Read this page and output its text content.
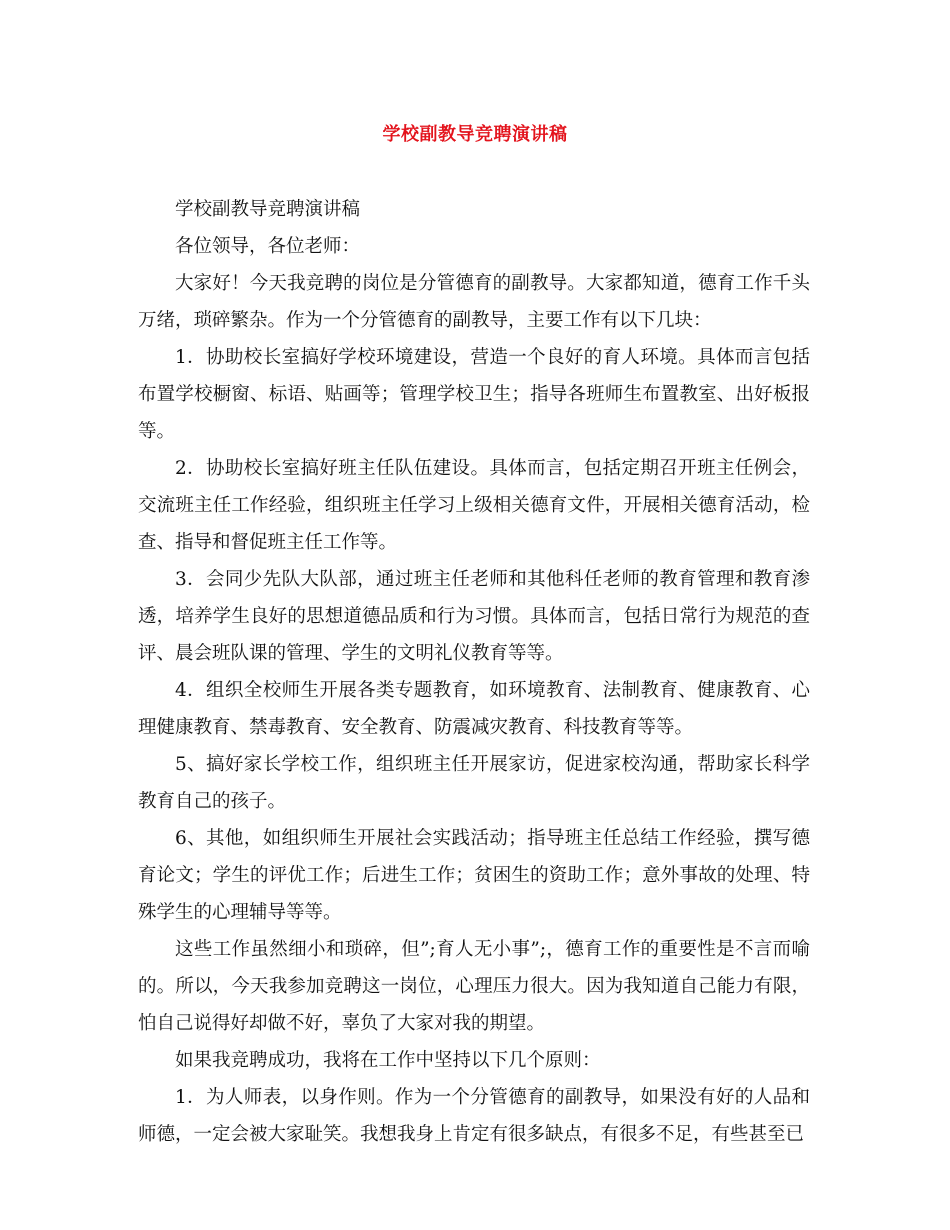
学校副教导竞聘演讲稿

学校副教导竞聘演讲稿

各位领导，各位老师：

大家好！今天我竞聘的岗位是分管德育的副教导。大家都知道，德育工作千头万绪，琐碎繁杂。作为一个分管德育的副教导，主要工作有以下几块：

1．协助校长室搞好学校环境建设，营造一个良好的育人环境。具体而言包括布置学校橱窗、标语、贴画等；管理学校卫生；指导各班师生布置教室、出好板报等。

2．协助校长室搞好班主任队伍建设。具体而言，包括定期召开班主任例会，交流班主任工作经验，组织班主任学习上级相关德育文件，开展相关德育活动，检查、指导和督促班主任工作等。

3．会同少先队大队部，通过班主任老师和其他科任老师的教育管理和教育渗透，培养学生良好的思想道德品质和行为习惯。具体而言，包括日常行为规范的查评、晨会班队课的管理、学生的文明礼仪教育等等。

4．组织全校师生开展各类专题教育，如环境教育、法制教育、健康教育、心理健康教育、禁毒教育、安全教育、防震减灾教育、科技教育等等。

5、搞好家长学校工作，组织班主任开展家访，促进家校沟通，帮助家长科学教育自己的孩子。

6、其他，如组织师生开展社会实践活动；指导班主任总结工作经验，撰写德育论文；学生的评优工作；后进生工作；贫困生的资助工作；意外事故的处理、特殊学生的心理辅导等等。

这些工作虽然细小和琐碎，但”;育人无小事”;，德育工作的重要性是不言而喻的。所以，今天我参加竞聘这一岗位，心理压力很大。因为我知道自己能力有限，怕自己说得好却做不好，辜负了大家对我的期望。

如果我竞聘成功，我将在工作中坚持以下几个原则：

1．为人师表，以身作则。作为一个分管德育的副教导，如果没有好的人品和师德，一定会被大家耻笑。我想我身上肯定有很多缺点，有很多不足，有些甚至已
